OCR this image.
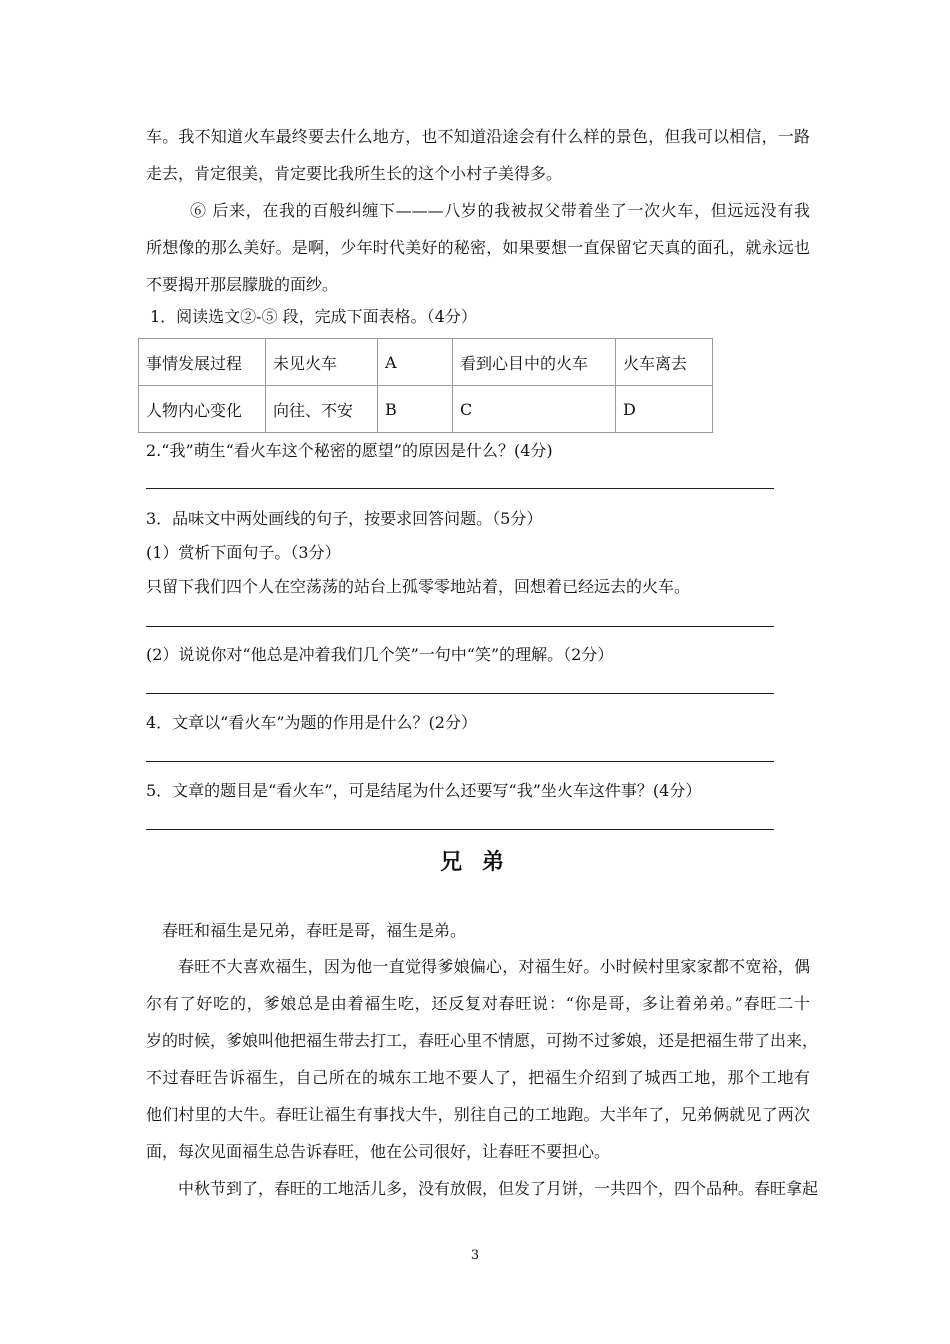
车。我不知道火车最终要去什么地方，也不知道沿途会有什么样的景色，但我可以相信，一路
走去，肯定很美，肯定要比我所生长的这个小村子美得多。
⑥ 后来，在我的百般纠缠下———八岁的我被叔父带着坐了一次火车，但远远没有我
所想像的那么美好。是啊，少年时代美好的秘密，如果要想一直保留它天真的面孔，就永远也
不要揭开那层朦胧的面纱。
1．阅读选文②-⑤ 段，完成下面表格。（4分）
事情发展过程	未见火车	A	看到心目中的火车	火车离去
人物内心变化	向往、不安	B	C	D
2.“我”萌生“看火车这个秘密的愿望”的原因是什么？(4分)
3．品味文中两处画线的句子，按要求回答问题。（5分）
(1）赏析下面句子。（3分）
只留下我们四个人在空荡荡的站台上孤零零地站着，回想着已经远去的火车。
(2）说说你对“他总是冲着我们几个笑”一句中“笑”的理解。（2分）
4．文章以“看火车”为题的作用是什么？(2分）
5．文章的题目是“看火车”，可是结尾为什么还要写“我”坐火车这件事？(4分）
兄 弟
春旺和福生是兄弟，春旺是哥，福生是弟。
春旺不大喜欢福生，因为他一直觉得爹娘偏心，对福生好。小时候村里家家都不宽裕，偶
尔有了好吃的，爹娘总是由着福生吃，还反复对春旺说：“你是哥，多让着弟弟。”春旺二十
岁的时候，爹娘叫他把福生带去打工，春旺心里不情愿，可拗不过爹娘，还是把福生带了出来，
不过春旺告诉福生，自己所在的城东工地不要人了，把福生介绍到了城西工地，那个工地有
他们村里的大牛。春旺让福生有事找大牛，别往自己的工地跑。大半年了，兄弟俩就见了两次
面，每次见面福生总告诉春旺，他在公司很好，让春旺不要担心。
中秋节到了，春旺的工地活儿多，没有放假，但发了月饼，一共四个，四个品种。春旺拿起
3
